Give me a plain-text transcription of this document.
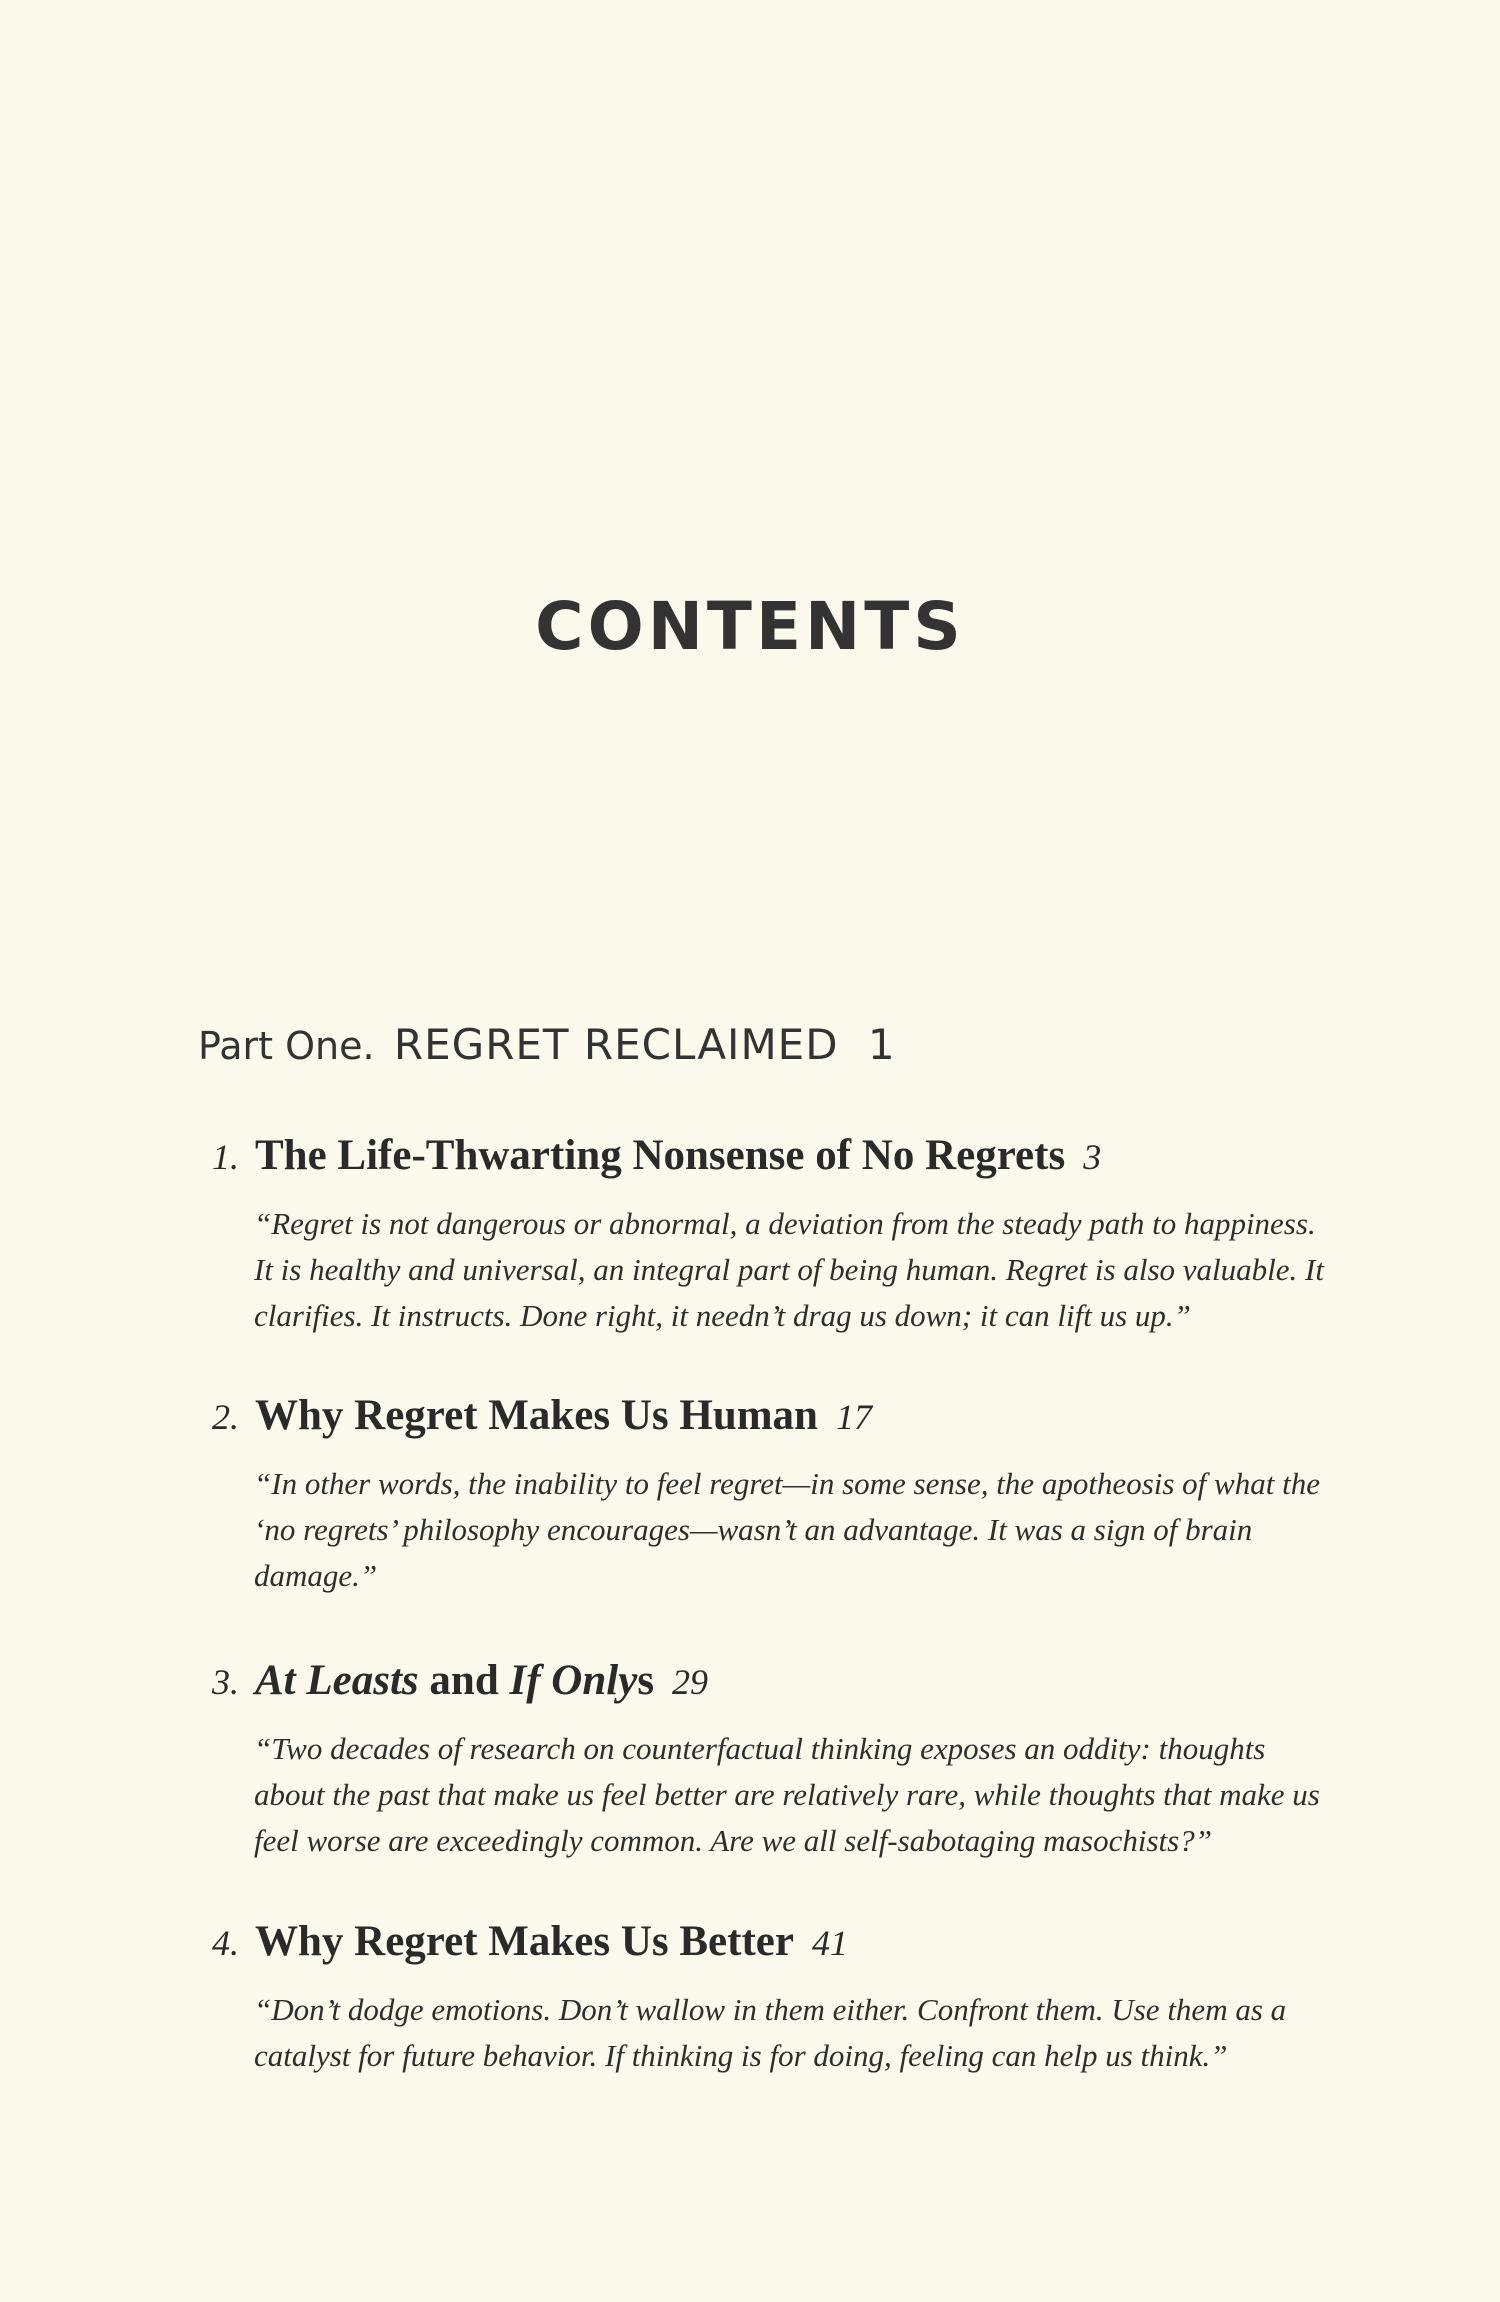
CONTENTS
Part One. REGRET RECLAIMED 1
1. The Life-Thwarting Nonsense of No Regrets 3
“Regret is not dangerous or abnormal, a deviation from the steady path to happiness. It is healthy and universal, an integral part of being human. Regret is also valuable. It clarifies. It instructs. Done right, it needn’t drag us down; it can lift us up.”
2. Why Regret Makes Us Human 17
“In other words, the inability to feel regret—in some sense, the apotheosis of what the ‘no regrets’ philosophy encourages—wasn’t an advantage. It was a sign of brain damage.”
3. At Leasts and If Onlys 29
“Two decades of research on counterfactual thinking exposes an oddity: thoughts about the past that make us feel better are relatively rare, while thoughts that make us feel worse are exceedingly common. Are we all self-sabotaging masochists?”
4. Why Regret Makes Us Better 41
“Don’t dodge emotions. Don’t wallow in them either. Confront them. Use them as a catalyst for future behavior. If thinking is for doing, feeling can help us think.”
